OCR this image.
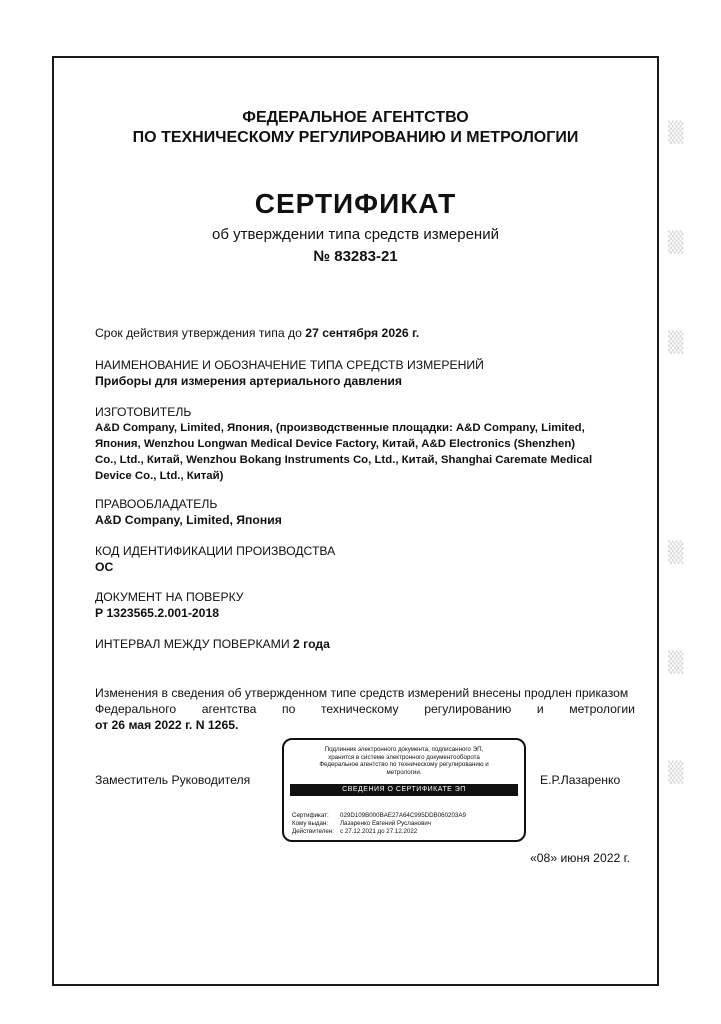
▒
▒
▒
▒
▒
▒
ФЕДЕРАЛЬНОЕ АГЕНТСТВО
ПО ТЕХНИЧЕСКОМУ РЕГУЛИРОВАНИЮ И МЕТРОЛОГИИ
СЕРТИФИКАТ
об утверждении типа средств измерений
№ 83283-21
Срок действия утверждения типа до 27 сентября 2026 г.
НАИМЕНОВАНИЕ И ОБОЗНАЧЕНИЕ ТИПА СРЕДСТВ ИЗМЕРЕНИЙ
Приборы для измерения артериального давления
ИЗГОТОВИТЕЛЬ
A&D Company, Limited, Япония, (производственные площадки: A&D Company, Limited,
Япония, Wenzhou Longwan Medical Device Factory, Китай, A&D Electronics (Shenzhen)
Co., Ltd., Китай, Wenzhou Bokang Instruments Co, Ltd., Китай, Shanghai Caremate Medical
Device Co., Ltd., Китай)
ПРАВООБЛАДАТЕЛЬ
A&D Company, Limited, Япония
КОД ИДЕНТИФИКАЦИИ ПРОИЗВОДСТВА
ОС
ДОКУМЕНТ НА ПОВЕРКУ
Р 1323565.2.001-2018
ИНТЕРВАЛ МЕЖДУ ПОВЕРКАМИ 2 года
Изменения в сведения об утвержденном типе средств измерений внесены продлен приказом
Федерального агентства по техническому регулированию и метрологии
от 26 мая 2022 г. N 1265.
Заместитель Руководителя	Е.Р.Лазаренко
«08» июня 2022 г.
Подлинник электронного документа, подписанного ЭП,
хранится в системе электронного документооборота
Федеральное агентство по техническому регулированию и
метрологии.
СВЕДЕНИЯ О СЕРТИФИКАТЕ ЭП
Сертификат: 029D109B000BAE27A64C995DDB060203A9
Кому выдан: Лазаренко Евгений Русланович
Действителен: с 27.12.2021 до 27.12.2022
